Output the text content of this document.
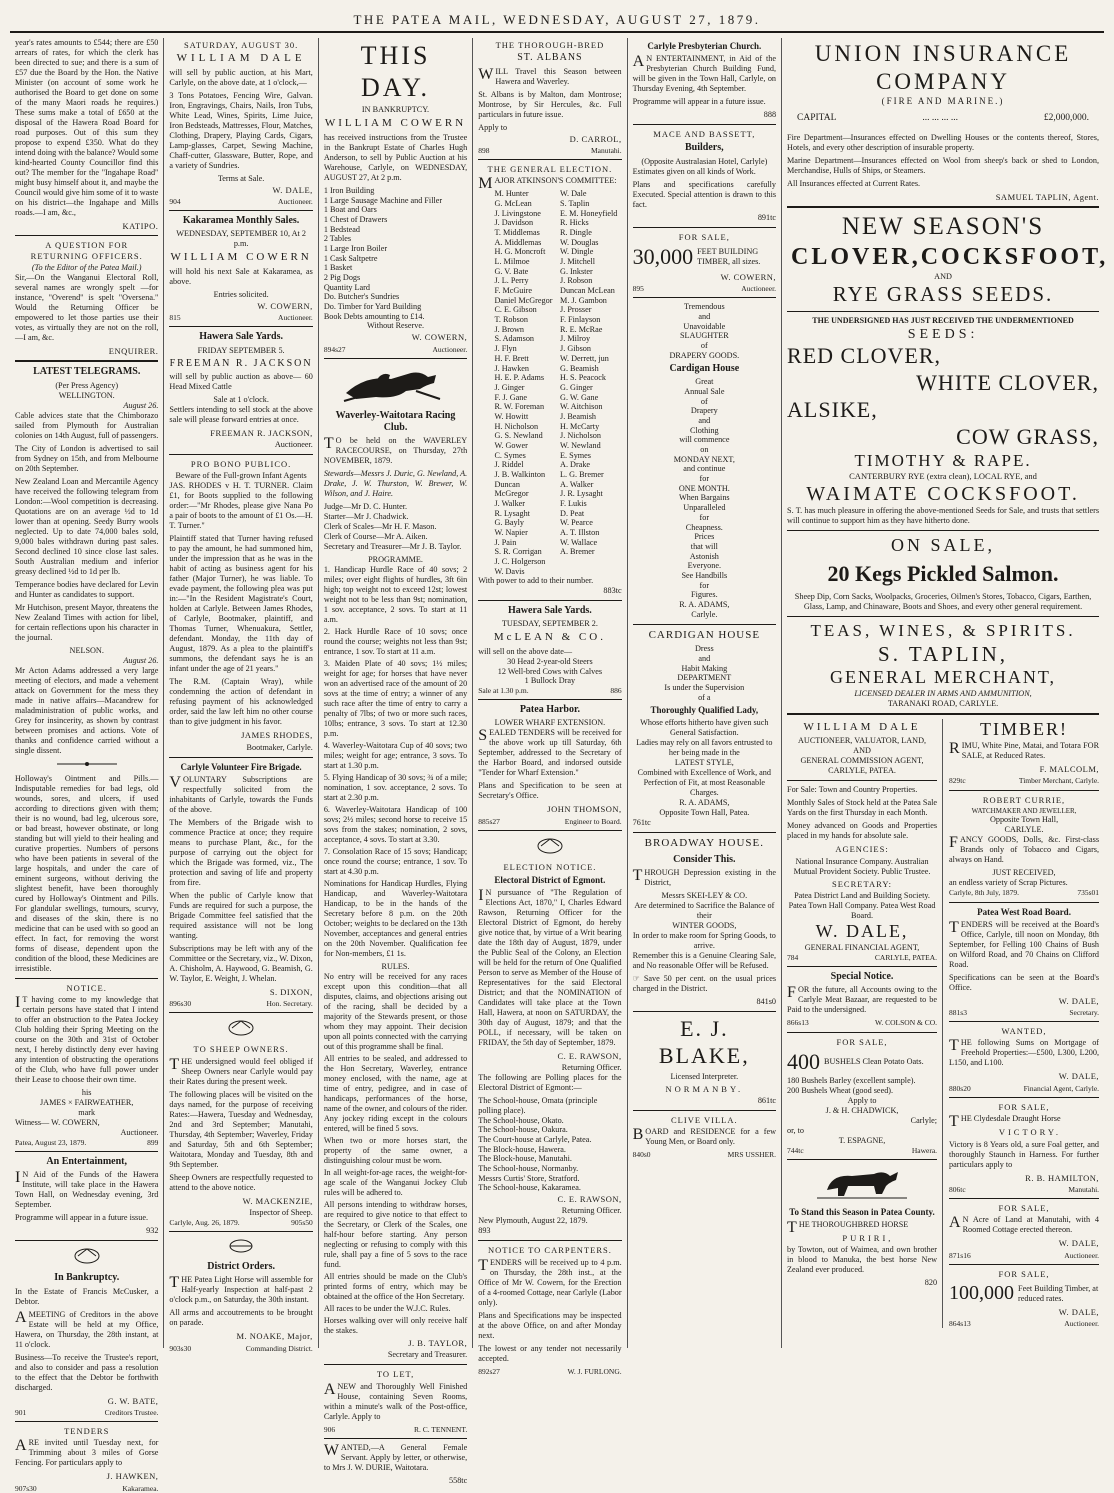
THE PATEA MAIL, WEDNESDAY, AUGUST 27, 1879.

year's rates amounts to £544; there are £50 arrears of rates, for which the clerk has been directed to sue; and there is a sum of £57 due the Board by the Hon. the Native Minister (on account of some work he authorised the Board to get done on some of the many Maori roads he requires.) These sums make a total of £650 at the disposal of the Hawera Road Board for road purposes. Out of this sum they propose to expend £350. What do they intend doing with the balance? Would some kind-hearted County Councillor find this out? The member for the "Ingahape Road" might busy himself about it, and maybe the Council would give him some of it to waste on his district—the Ingahape and Mills roads.—I am, &c.,

KATIPO.
A QUESTION FOR RETURNING OFFICERS.
(To the Editor of the Patea Mail.)

Sir,—On the Wanganui Electoral Roll, several names are wrongly spelt —for instance, "Overend" is spelt "Oversena." Would the Returning Officer be empowered to let those parties use their votes, as virtually they are not on the roll,—I am, &c.

ENQUIRER.
LATEST TELEGRAMS.
(Per Press Agency)
WELLINGTON.
August 26.

Cable advices state that the Chimborazo sailed from Plymouth for Australian colonies on 14th August, full of passengers.

The City of London is advertised to sail from Sydney on 15th, and from Melbourne on 20th September.

New Zealand Loan and Mercantile Agency have received the following telegram from London:—Wool competition is decreasing. Quotations are on an average ½d to 1d lower than at opening. Seedy Burry wools neglected. Up to date 74,000 bales sold, 9,000 bales withdrawn during past sales. Second declined 10 since close last sales. South Australian medium and inferior greasy declined ½d to 1d per lb.

Temperance bodies have declared for Levin and Hunter as candidates to support.

Mr Hutchison, present Mayor, threatens the New Zealand Times with action for libel, for certain reflections upon his character in the journal.

NELSON.
August 26.

Mr Acton Adams addressed a very large meeting of electors, and made a vehement attack on Government for the mess they made in native affairs—Macandrew for maladministration of public works, and Grey for insincerity, as shown by contrast between promises and actions. Vote of thanks and confidence carried without a single dissent.

Holloway's Ointment and Pills.—Indisputable remedies for bad legs, old wounds, sores, and ulcers, if used according to directions given with them; their is no wound, bad leg, ulcerous sore, or bad breast, however obstinate, or long standing but will yield to their healing and curative properties. Numbers of persons who have been patients in several of the large hospitals, and under the care of eminent surgeons, without deriving the slightest benefit, have been thoroughly cured by Holloway's Ointment and Pills. For glandular swellings, tumours, scurvy, and diseases of the skin, there is no medicine that can be used with so good an effect. In fact, for removing the worst forms of disease, dependent upon the condition of the blood, these Medicines are irresistible.

NOTICE.

IT having come to my knowledge that certain persons have stated that I intend to offer an obstruction to the Patea Jockey Club holding their Spring Meeting on the course on the 30th and 31st of October next, I hereby distinctly deny ever having any intention of obstructing the operations of the Club, who have full power under their Lease to choose their own time.

his
JAMES × FAIRWEATHER,
mark
Witness— W. COWERN,
Auctioneer.
Patea, August 23, 1879.	899
An Entertainment,

IN Aid of the Funds of the Hawera Institute, will take place in the Hawera Town Hall, on Wednesday evening, 3rd September.

Programme will appear in a future issue.

932
In Bankruptcy.

In the Estate of Francis McCusker, a Debtor.

AMEETING of Creditors in the above Estate will be held at my Office, Hawera, on Thursday, the 28th instant, at 11 o'clock.

Business—To receive the Trustee's report, and also to consider and pass a resolution to the effect that the Debtor be forthwith discharged.

G. W. BATE,
901	Creditors Trustee.
TENDERS

ARE invited until Tuesday next, for Trimming about 3 miles of Gorse Fencing. For particulars apply to

J. HAWKEN,
907s30	Kakaramea.
SATURDAY, AUGUST 30.
WILLIAM DALE

will sell by public auction, at his Mart, Carlyle, on the above date, at 1 o'clock,—

3 Tons Potatoes, Fencing Wire, Galvan. Iron, Engravings, Chairs, Nails, Iron Tubs, White Lead, Wines, Spirits, Lime Juice, Iron Bedsteads, Mattresses, Flour, Matches, Clothing, Drapery, Playing Cards, Cigars, Lamp-glasses, Carpet, Sewing Machine, Chaff-cutter, Glassware, Butter, Rope, and a variety of Sundries.

Terms at Sale.
W. DALE,
904	Auctioneer.
Kakaramea Monthly Sales.
WEDNESDAY, SEPTEMBER 10, At 2 p.m.
WILLIAM COWERN

will hold his next Sale at Kakaramea, as above.

Entries solicited.
W. COWERN,
815	Auctioneer.
Hawera Sale Yards.
FRIDAY SEPTEMBER 5.
FREEMAN R. JACKSON

will sell by public auction as above— 60 Head Mixed Cattle

Sale at 1 o'clock.

Settlers intending to sell stock at the above sale will please forward entries at once.

FREEMAN R. JACKSON,
Auctioneer.
PRO BONO PUBLICO.
Beware of the Full-grown Infant Agents

JAS. RHODES v H. T. TURNER. Claim £1, for Boots supplied to the following order:—"Mr Rhodes, please give Nana Po a pair of boots to the amount of £1 Os.—H. T. Turner."

Plaintiff stated that Turner having refused to pay the amount, he had summoned him, under the impression that as he was in the habit of acting as business agent for his father (Major Turner), he was liable. To evade payment, the following plea was put in:—"In the Resident Magistrate's Court, holden at Carlyle. Between James Rhodes, of Carlyle, Bootmaker, plaintiff, and Thomas Turner, Whenuakura, Settler, defendant. Monday, the 11th day of August, 1879. As a plea to the plaintiff's summons, the defendant says he is an infant under the age of 21 years."

The R.M. (Captain Wray), while condemning the action of defendant in refusing payment of his acknowledged order, said the law left him no other course than to give judgment in his favor.

JAMES RHODES,
Bootmaker, Carlyle.
Carlyle Volunteer Fire Brigade.

VOLUNTARY Subscriptions are respectfully solicited from the inhabitants of Carlyle, towards the Funds of the above.

The Members of the Brigade wish to commence Practice at once; they require means to purchase Plant, &c., for the purpose of carrying out the object for which the Brigade was formed, viz., The protection and saving of life and property from fire.

When the public of Carlyle know that Funds are required for such a purpose, the Brigade Committee feel satisfied that the required assistance will not be long wanting.

Subscriptions may be left with any of the Committee or the Secretary, viz., W. Dixon, A. Chisholm, A. Haywood, G. Beamish, G. W. Taylor, E. Weight, J. Whelan.

S. DIXON,
896s30	Hon. Secretary.
TO SHEEP OWNERS.

THE undersigned would feel obliged if Sheep Owners near Carlyle would pay their Rates during the present week.

The following places will be visited on the days named, for the purpose of receiving Rates:—Hawera, Tuesday and Wednesday, 2nd and 3rd September; Manutahi, Thursday, 4th September; Waverley, Friday and Saturday, 5th and 6th September; Waitotara, Monday and Tuesday, 8th and 9th September.

Sheep Owners are respectfully requested to attend to the above notice.

W. MACKENZIE,
Inspector of Sheep.
Carlyle, Aug. 26, 1879.	905s50
District Orders.

THE Patea Light Horse will assemble for Half-yearly Inspection at half-past 2 o'clock p.m., on Saturday, the 30th instant.

All arms and accoutrements to be brought on parade.

M. NOAKE, Major,
903s30	Commanding District.
THIS DAY.
IN BANKRUPTCY.
WILLIAM COWERN

has received instructions from the Trustee in the Bankrupt Estate of Charles Hugh Anderson, to sell by Public Auction at his Warehouse, Carlyle, on WEDNESDAY, AUGUST 27, At 2 p.m.

1 Iron Building
1 Large Sausage Machine and Filler
1 Boat and Oars
1 Chest of Drawers
1 Bedstead
2 Tables
1 Large Iron Boiler
1 Cask Saltpetre
1 Basket
2 Pig Dogs
Quantity Lard
Do. Butcher's Sundries
Do. Timber for Yard Building
Book Debts amounting to £14.
Without Reserve.
W. COWERN,
894s27	Auctioneer.
Waverley-Waitotara Racing Club.

TO be held on the WAVERLEY RACECOURSE, on Thursday, 27th NOVEMBER, 1879.

Stewards—Messrs J. Duric, G. Newland, A. Drake, J. W. Thurston, W. Brewer, W. Wilson, and J. Haire.

Judge—Mr D. C. Hunter.
Starter—Mr J. Chadwick.
Clerk of Scales—Mr H. F. Mason.
Clerk of Course—Mr A. Aiken.

Secretary and Treasurer—Mr J. B. Taylor.

PROGRAMME.

1. Handicap Hurdle Race of 40 sovs; 2 miles; over eight flights of hurdles, 3ft 6in high; top weight not to exceed 12st; lowest weight not to be less than 9st; nomination, 1 sov. acceptance, 2 sovs. To start at 11 a.m.

2. Hack Hurdle Race of 10 sovs; once round the course; weights not less than 9st; entrance, 1 sov. To start at 11 a.m.

3. Maiden Plate of 40 sovs; 1½ miles; weight for age; for horses that have never won an advertised race of the amount of 20 sovs at the time of entry; a winner of any such race after the time of entry to carry a penalty of 7lbs; of two or more such races, 10lbs; entrance, 3 sovs. To start at 12.30 p.m.

4. Waverley-Waitotara Cup of 40 sovs; two miles; weight for age; entrance, 3 sovs. To start at 1.30 p.m.

5. Flying Handicap of 30 sovs; ¾ of a mile; nomination, 1 sov. acceptance, 2 sovs. To start at 2.30 p.m.

6. Waverley-Waitotara Handicap of 100 sovs; 2½ miles; second horse to receive 15 sovs from the stakes; nomination, 2 sovs, acceptance, 4 sovs. To start at 3.30.

7. Consolation Race of 15 sovs; Handicap; once round the course; entrance, 1 sov. To start at 4.30 p.m.

Nominations for Handicap Hurdles, Flying Handicap, and Waverley-Waitotara Handicap, to be in the hands of the Secretary before 8 p.m. on the 20th October; weights to be declared on the 13th November, acceptances and general entries on the 20th November. Qualification fee for Non-members, £1 1s.

RULES.

No entry will be received for any races except upon this condition—that all disputes, claims, and objections arising out of the racing, shall be decided by a majority of the Stewards present, or those whom they may appoint. Their decision upon all points connected with the carrying out of this programme shall be final.

All entries to be sealed, and addressed to the Hon Secretary, Waverley, entrance money enclosed, with the name, age at time of entry, pedigree, and in case of handicaps, performances of the horse, name of the owner, and colours of the rider. Any jockey riding except in the colours entered, will be fined 5 sovs.

When two or more horses start, the property of the same owner, a distinguishing colour must be worn.

In all weight-for-age races, the weight-for-age scale of the Wanganui Jockey Club rules will be adhered to.

All persons intending to withdraw horses, are required to give notice to that effect to the Secretary, or Clerk of the Scales, one half-hour before starting. Any person neglecting or refusing to comply with this rule, shall pay a fine of 5 sovs to the race fund.

All entries should be made on the Club's printed forms of entry, which may be obtained at the office of the Hon Secretary.

All races to be under the W.J.C. Rules.

Horses walking over will only receive half the stakes.

J. B. TAYLOR,
Secretary and Treasurer.
TO LET,

ANEW and Thoroughly Well Finished House, containing Seven Rooms, within a minute's walk of the Post-office, Carlyle. Apply to

906	R. C. TENNENT.

WANTED,—A General Female Servant. Apply by letter, or otherwise, to Mrs J. W. DURIE, Waitotara.

558tc
THE THOROUGH-BRED
ST. ALBANS

WILL Travel this Season between Hawera and Waverley.

St. Albans is by Malton, dam Montrose; Montrose, by Sir Hercules, &c. Full particulars in future issue.

Apply to
D. CARROL,
898	Manutahi.
THE GENERAL ELECTION.

MAJOR ATKINSON'S COMMITTEE:

M. Hunter
G. McLean
J. Livingstone
J. Davidson
T. Middlemas
A. Middlemas
H. G. Moncroft
L. Milmoe
G. V. Bate
J. L. Perry
F. McGuire
Daniel McGregor
C. E. Gibson
T. Robson
J. Brown
S. Adamson
J. Flyn
H. F. Brett
J. Hawken
H. E. P. Adams
J. Ginger
F. J. Gane
R. W. Foreman
W. Howitt
H. Nicholson
G. S. Newland
W. Gower
C. Symes
J. Riddel
J. B. Walkinton
Duncan McGregor
J. Walker
R. Lysaght
G. Bayly
W. Napier
J. Pain
S. R. Corrigan
J. C. Holgerson
W. Davis
W. Dale
S. Taplin
E. M. Honeyfield
R. Hicks
R. Dingle
W. Douglas
W. Dingle
J. Mitchell
G. Inkster
J. Robson
Duncan McLean
M. J. Gambon
J. Prosser
F. Finlayson
R. E. McRae
J. Milroy
J. Gibson
W. Derrett, jun
G. Beamish
H. S. Peacock
G. Ginger
G. W. Gane
W. Aitchison
J. Beamish
H. McCarty
J. Nicholson
W. Newland
E. Symes
A. Drake
L. G. Bremer
A. Walker
J. R. Lysaght
F. Lukis
D. Peat
W. Pearce
A. T. Illston
W. Wallace
A. Bremer
With power to add to their number.
883tc
Hawera Sale Yards.
TUESDAY, SEPTEMBER 2.
McLEAN & CO.
will sell on the above date—
30 Head 2-year-old Steers
12 Well-bred Cows with Calves
1 Bullock Dray
Sale at 1.30 p.m.	886
Patea Harbor.
LOWER WHARF EXTENSION.

SEALED TENDERS will be received for the above work up till Saturday, 6th September, addressed to the Secretary of the Harbor Board, and indorsed outside "Tender for Wharf Extension."

Plans and Specification to be seen at Secretary's Office.

JOHN THOMSON,
885s27	Engineer to Board.
ELECTION NOTICE.
Electoral District of Egmont.

IN pursuance of "The Regulation of Elections Act, 1870," I, Charles Edward Rawson, Returning Officer for the Electoral District of Egmont, do hereby give notice that, by virtue of a Writ bearing date the 18th day of August, 1879, under the Public Seal of the Colony, an Election will be held for the return of One Qualified Person to serve as Member of the House of Representatives for the said Electoral District; and that the NOMINATION of Candidates will take place at the Town Hall, Hawera, at noon on SATURDAY, the 30th day of August, 1879; and that the POLL, if necessary, will be taken on FRIDAY, the 5th day of September, 1879.

C. E. RAWSON,
Returning Officer.

The following are Polling places for the Electoral District of Egmont:—

The School-house, Omata (principle polling place).
The School-house, Okato.
The School-house, Oakura.
The Court-house at Carlyle, Patea.
The Block-house, Hawera.
The Block-house, Manutahi.
The School-house, Normanby.
Messrs Curtis' Store, Stratford.
The School-house, Kakaramea.
C. E. RAWSON,
Returning Officer.
New Plymouth, August 22, 1879.
893
NOTICE TO CARPENTERS.

TENDERS will be received up to 4 p.m. on Thursday, the 28th inst., at the Office of Mr W. Cowern, for the Erection of a 4-roomed Cottage, near Carlyle (Labor only).

Plans and Specifications may be inspected at the above Office, on and after Monday next.

The lowest or any tender not necessarily accepted.

892s27	W. J. FURLONG.
Carlyle Presbyterian Church.

AN ENTERTAINMENT, in Aid of the Presbyterian Church Building Fund, will be given in the Town Hall, Carlyle, on Thursday Evening, 4th September.

Programme will appear in a future issue.

888
MACE AND BASSETT,
Builders,
(Opposite Australasian Hotel, Carlyle)

Estimates given on all kinds of Work.

Plans and specifications carefully Executed. Special attention is drawn to this fact.

891tc
FOR SALE,
30,000 FEET BUILDING TIMBER, all sizes.
W. COWERN,
895	Auctioneer.
Tremendous
and
Unavoidable
SLAUGHTER
of
DRAPERY GOODS.
Cardigan House
Great
Annual Sale
of
Drapery
and
Clothing
will commence
on
MONDAY NEXT,
and continue
for
ONE MONTH.
When Bargains
Unparalleled
for
Cheapness.
Prices
that will
Astonish
Everyone.
See Handbills
for
Figures.
R. A. ADAMS,
Carlyle.
CARDIGAN HOUSE
Dress
and
Habit Making
DEPARTMENT
Is under the Supervision
of a
Thoroughly Qualified Lady,
Whose efforts hitherto have given such
General Satisfaction.
Ladies may rely on all favors entrusted to her being made in the
LATEST STYLE,
Combined with Excellence of Work, and Perfection of Fit, at most Reasonable Charges.
R. A. ADAMS,
Opposite Town Hall, Patea.
761tc
BROADWAY HOUSE.
Consider This.

THROUGH Depression existing in the District,

Messrs SKEI-LEY & CO.
Are determined to Sacrifice the Balance of their
WINTER GOODS,
In order to make room for Spring Goods, to arrive.

Remember this is a Genuine Clearing Sale, and No reasonable Offer will be Refused.

☞ Save 50 per cent. on the usual prices charged in the District.

841s0
E. J. BLAKE,
Licensed Interpreter.
NORMANBY.
861tc
CLIVE VILLA.

BOARD and RESIDENCE for a few Young Men, or Board only.

840s0	MRS USSHER.
UNION INSURANCE COMPANY
(FIRE AND MARINE.)
CAPITAL	... ... ... ...	£2,000,000.

Fire Department—Insurances effected on Dwelling Houses or the contents thereof, Stores, Hotels, and every other description of insurable property.

Marine Department—Insurances effected on Wool from sheep's back or shed to London, Merchandise, Hulls of Ships, or Steamers.

All Insurances effected at Current Rates.

SAMUEL TAPLIN, Agent.
NEW SEASON'S
CLOVER, COCKSFOOT,
AND
RYE GRASS SEEDS.
THE UNDERSIGNED HAS JUST RECEIVED THE UNDERMENTIONED
SEEDS:
RED CLOVER,
WHITE CLOVER,
ALSIKE,
COW GRASS,
TIMOTHY & RAPE.
CANTERBURY RYE (extra clean), LOCAL RYE, and
WAIMATE COCKSFOOT.

S. T. has much pleasure in offering the above-mentioned Seeds for Sale, and trusts that settlers will continue to support him as they have hitherto done.

ON SALE,
20 Kegs Pickled Salmon.

Sheep Dip, Corn Sacks, Woolpacks, Groceries, Oilmen's Stores, Tobacco, Cigars, Earthen, Glass, Lamp, and Chinaware, Boots and Shoes, and every other general requirement.

TEAS, WINES, & SPIRITS.
S. TAPLIN,
GENERAL MERCHANT,
LICENSED DEALER IN ARMS AND AMMUNITION,
TARANAKI ROAD, CARLYLE.
WILLIAM DALE
AUCTIONEER, VALUATOR, LAND,
AND
GENERAL COMMISSION AGENT,
CARLYLE, PATEA.

For Sale: Town and Country Properties.

Monthly Sales of Stock held at the Patea Sale Yards on the first Thursday in each Month.

Money advanced on Goods and Properties placed in my hands for absolute sale.

AGENCIES:
National Insurance Company. Australian Mutual Provident Society. Public Trustee.
SECRETARY:
Patea District Land and Building Society. Patea Town Hall Company. Patea West Road Board.
W. DALE,
GENERAL FINANCIAL AGENT,
784	CARLYLE, PATEA.
Special Notice.

FOR the future, all Accounts owing to the Carlyle Meat Bazaar, are requested to be Paid to the undersigned.

866s13	W. COLSON & CO.
FOR SALE,
400 BUSHELS Clean Potato Oats.
180 Bushels Barley (excellent sample).
200 Bushels Wheat (good seed).
Apply to
J. & H. CHADWICK,
Carlyle;
or, to
T. ESPAGNE,
744tc	Hawera.
To Stand this Season in Patea County.

THE THOROUGHBRED HORSE

PURIRI,

by Towton, out of Waimea, and own brother in blood to Manuka, the best horse New Zealand ever produced.

820
TIMBER!

RIMU, White Pine, Matai, and Totara FOR SALE, at Reduced Rates.

F. MALCOLM,
829tc	Timber Merchant, Carlyle.
ROBERT CURRIE,
WATCHMAKER AND JEWELLER,
Opposite Town Hall,
CARLYLE.

FANCY GOODS, Dolls, &c. First-class Brands only of Tobacco and Cigars, always on Hand.

JUST RECEIVED,
an endless variety of Scrap Pictures.
Carlyle, 8th July, 1879.	735s01
Patea West Road Board.

TENDERS will be received at the Board's Office, Carlyle, till noon on Monday, 8th September, for Felling 100 Chains of Bush on Wilford Road, and 70 Chains on Clifford Road.

Specifications can be seen at the Board's Office.

W. DALE,
881s3	Secretary.
WANTED,

THE following Sums on Mortgage of Freehold Properties:—£500, L300, L200, L150, and L100.

W. DALE,
880s20	Financial Agent, Carlyle.
FOR SALE,

THE Clydesdale Draught Horse

VICTORY.

Victory is 8 Years old, a sure Foal getter, and thoroughly Staunch in Harness. For further particulars apply to

R. B. HAMILTON,
806tc	Manutahi.
FOR SALE,

AN Acre of Land at Manutahi, with 4 Roomed Cottage erected thereon.

W. DALE,
871s16	Auctioneer.
FOR SALE,
100,000 Feet Building Timber, at reduced rates.
W. DALE,
864s13	Auctioneer.
